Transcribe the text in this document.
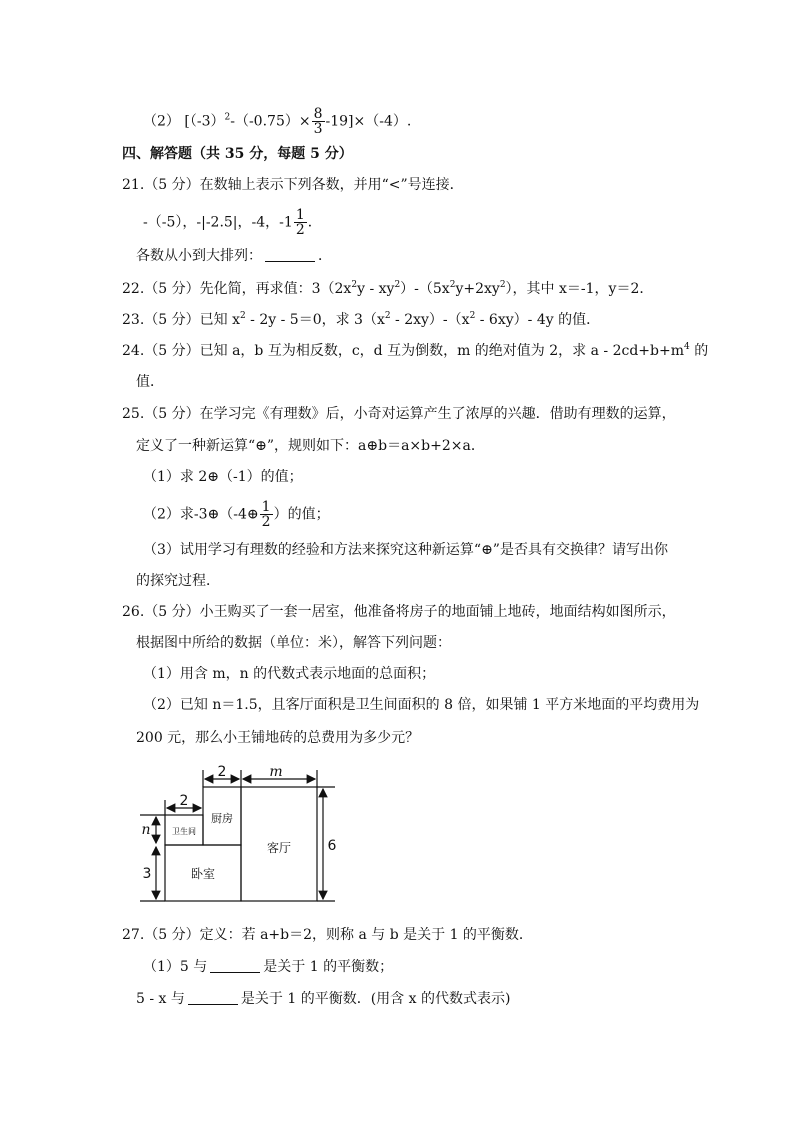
（2） $[(-3)^2-(-0.75)\times \frac{8}{3} -19]\times(-4)$.
四、解答题（共 35 分，每题 5 分）
21.（5 分）在数轴上表示下列各数，并用“<”号连接．
-（-5），-|-2.5|，-4，$-1 \frac{1}{2}$ ．
各数从小到大排列：	．
22.（5 分）先化简，再求值：$3(2x^2y - xy^2)-(5x^2y+2xy^2)$，其中 x＝-1，y＝2．
23.（5 分）已知 $x^2 - 2y - 5=0$，求 $3(x^2 - 2xy)-(x^2 - 6xy)-$ 4y 的值．
24.（5 分）已知 a，b 互为相反数，c，d 互为倒数，m 的绝对值为 2，求 $a - 2cd+b+m^4$ 的
值．
25.（5 分）在学习完《有理数》后，小奇对运算产生了浓厚的兴趣．借助有理数的运算，
定义了一种新运算“⊕”，规则如下：a⊕b＝a×b+2×a．
（1）求 2⊕（-1）的值；
（2）求-3⊕（-4⊕ $\frac{1}{2}$ ）的值；
（3）试用学习有理数的经验和方法来探究这种新运算“⊕”是否具有交换律？请写出你
的探究过程．
26.（5 分）小王购买了一套一居室，他准备将房子的地面铺上地砖，地面结构如图所示，
根据图中所给的数据（单位：米），解答下列问题：
（1）用含 m，n 的代数式表示地面的总面积；
（2）已知 n＝1.5，且客厅面积是卫生间面积的 8 倍，如果铺 1 平方米地面的平均费用为
200 元，那么小王铺地砖的总费用为多少元？
2	m
2
n
3
6
卫生间
厨房
客厅
卧室
27.（5 分）定义：若 a+b＝2，则称 a 与 b 是关于 1 的平衡数．
（1）5 与	是关于 1 的平衡数；
5 - x 与	是关于 1 的平衡数．(用含 x 的代数式表示)
